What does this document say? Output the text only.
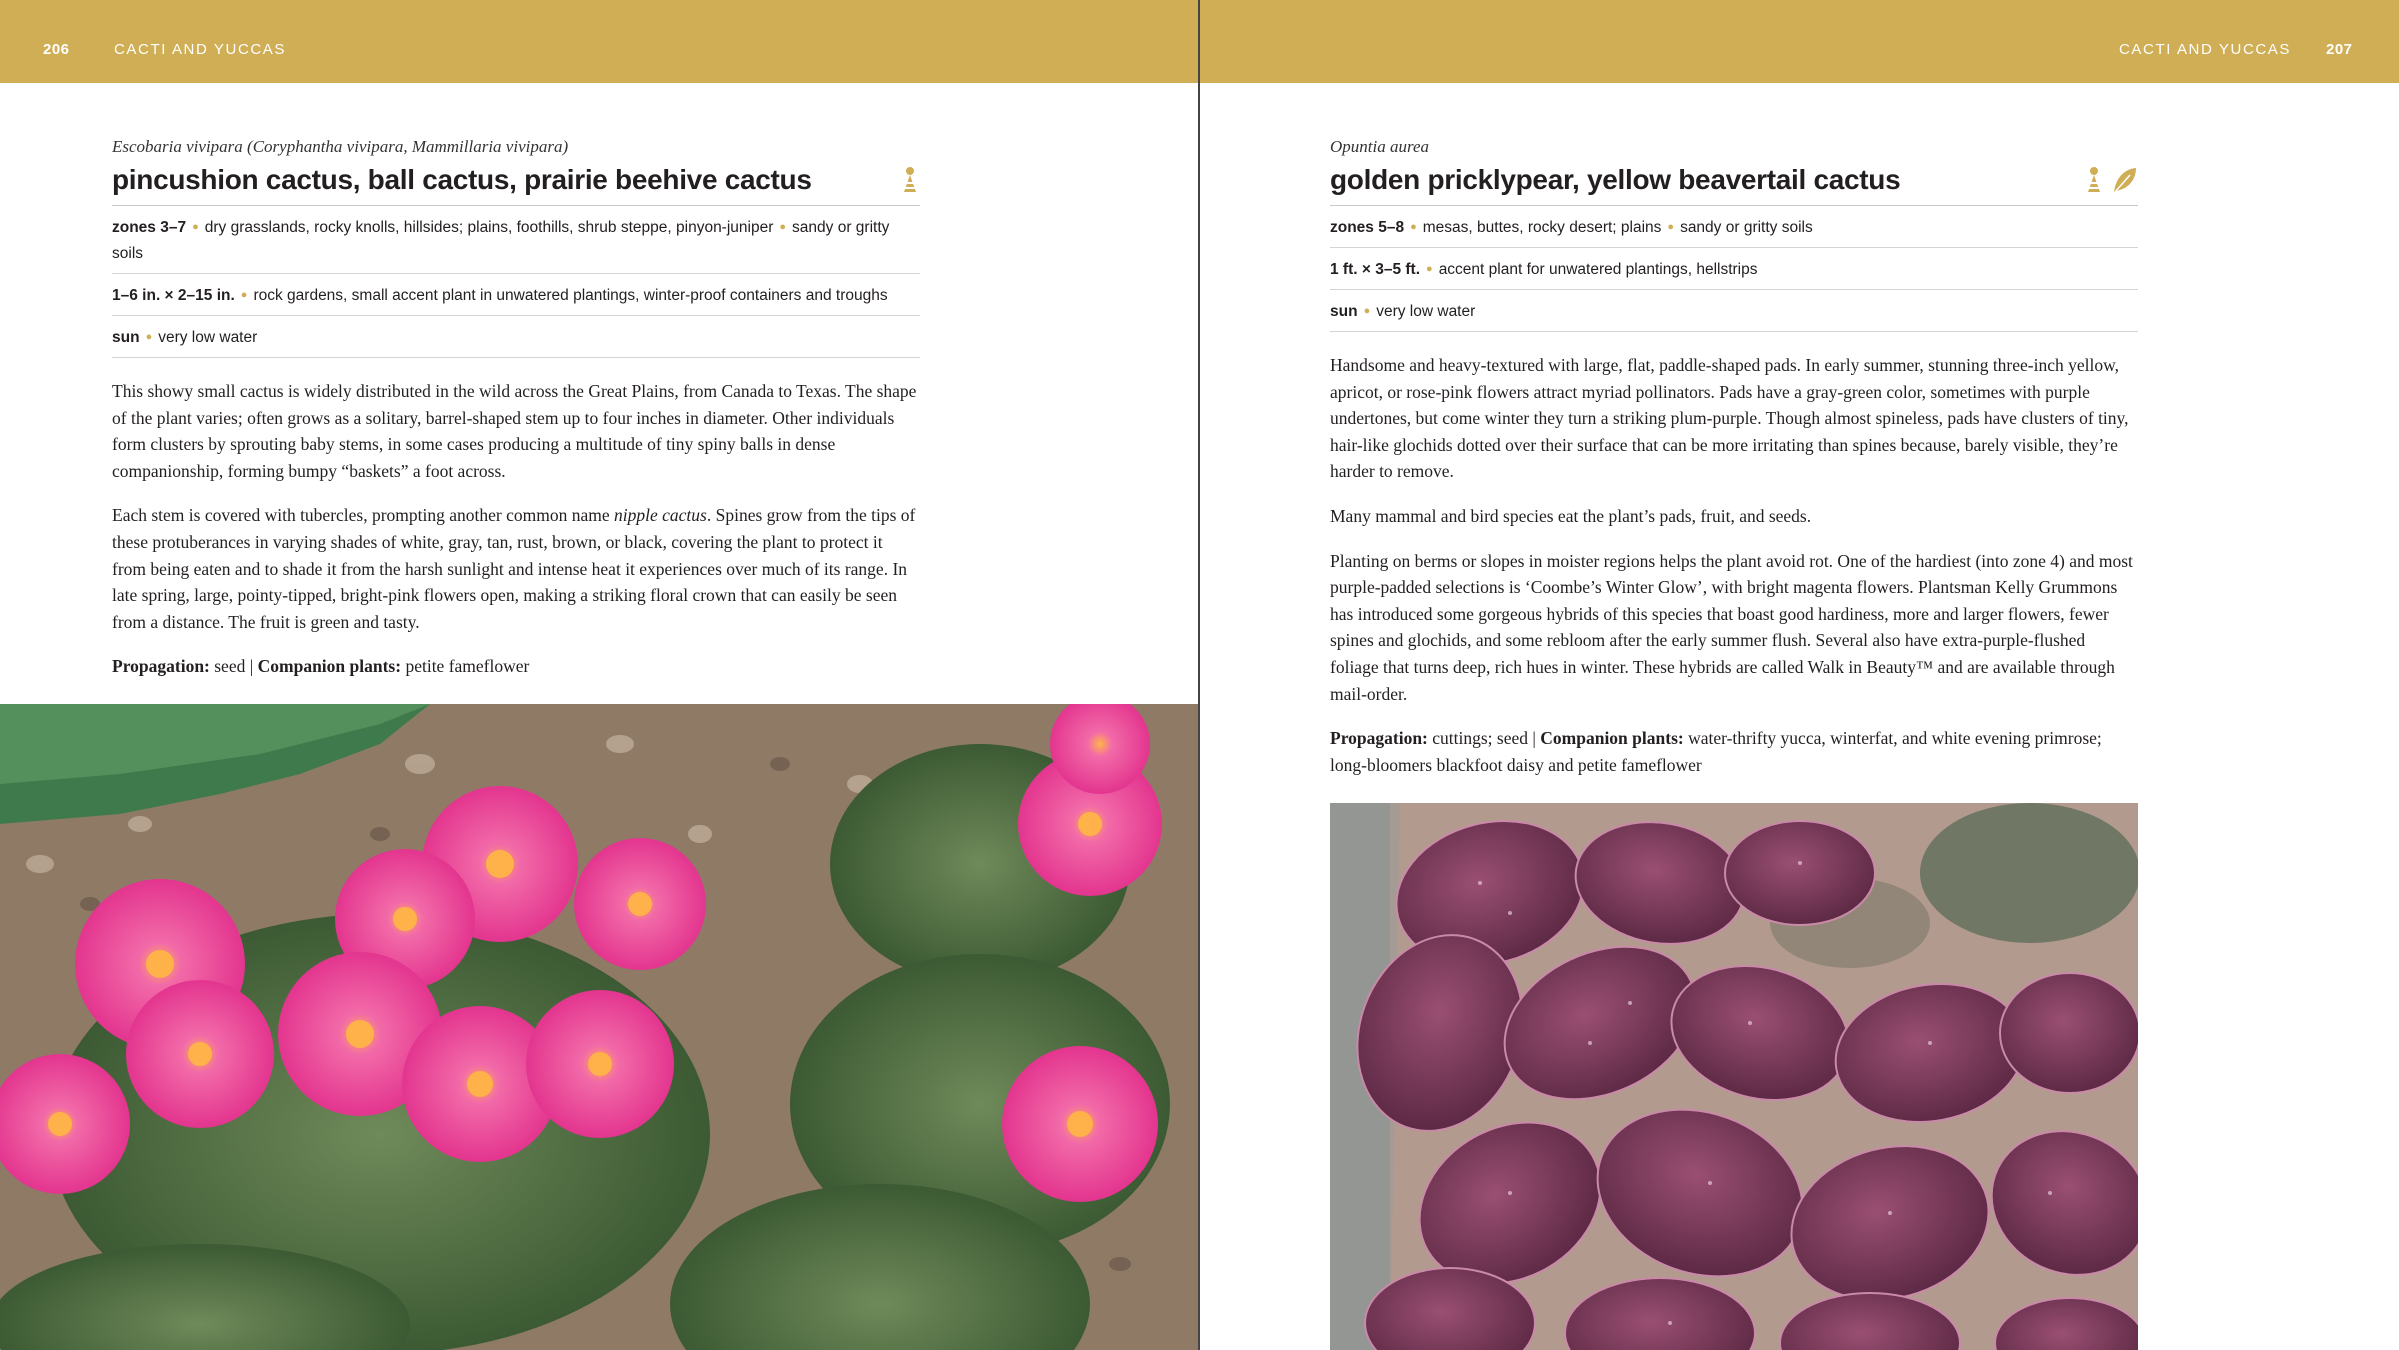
206	CACTI AND YUCCAS
Escobaria vivipara (Coryphantha vivipara, Mammillaria vivipara)
pincushion cactus, ball cactus, prairie beehive cactus
zones 3–7 ● dry grasslands, rocky knolls, hillsides; plains, foothills, shrub steppe, pinyon-juniper ● sandy or gritty soils
1–6 in. × 2–15 in. ● rock gardens, small accent plant in unwatered plantings, winter-proof containers and troughs
sun ● very low water

This showy small cactus is widely distributed in the wild across the Great Plains, from Canada to Texas. The shape of the plant varies; often grows as a solitary, barrel-shaped stem up to four inches in diameter. Other individuals form clusters by sprouting baby stems, in some cases producing a multitude of tiny spiny balls in dense companionship, forming bumpy “baskets” a foot across.

Each stem is covered with tubercles, prompting another common name nipple cactus. Spines grow from the tips of these protuberances in varying shades of white, gray, tan, rust, brown, or black, covering the plant to protect it from being eaten and to shade it from the harsh sunlight and intense heat it experiences over much of its range. In late spring, large, pointy-tipped, bright-pink flowers open, making a striking floral crown that can easily be seen from a distance. The fruit is green and tasty.

Propagation: seed | Companion plants: petite fameflower

CACTI AND YUCCAS 207
Opuntia aurea
golden pricklypear, yellow beavertail cactus
zones 5–8 ● mesas, buttes, rocky desert; plains ● sandy or gritty soils
1 ft. × 3–5 ft. ● accent plant for unwatered plantings, hellstrips
sun ● very low water

Handsome and heavy-textured with large, flat, paddle-shaped pads. In early summer, stunning three-inch yellow, apricot, or rose-pink flowers attract myriad pollinators. Pads have a gray-green color, sometimes with purple undertones, but come winter they turn a striking plum-purple. Though almost spineless, pads have clusters of tiny, hair-like glochids dotted over their surface that can be more irritating than spines because, barely visible, they’re harder to remove.

Many mammal and bird species eat the plant’s pads, fruit, and seeds.

Planting on berms or slopes in moister regions helps the plant avoid rot. One of the hardiest (into zone 4) and most purple-padded selections is ‘Coombe’s Winter Glow’, with bright magenta flowers. Plantsman Kelly Grummons has introduced some gorgeous hybrids of this species that boast good hardiness, more and larger flowers, fewer spines and glochids, and some rebloom after the early summer flush. Several also have extra-purple-flushed foliage that turns deep, rich hues in winter. These hybrids are called Walk in Beauty™ and are available through mail-order.

Propagation: cuttings; seed | Companion plants: water-thrifty yucca, winterfat, and white evening primrose; long-bloomers blackfoot daisy and petite fameflower
